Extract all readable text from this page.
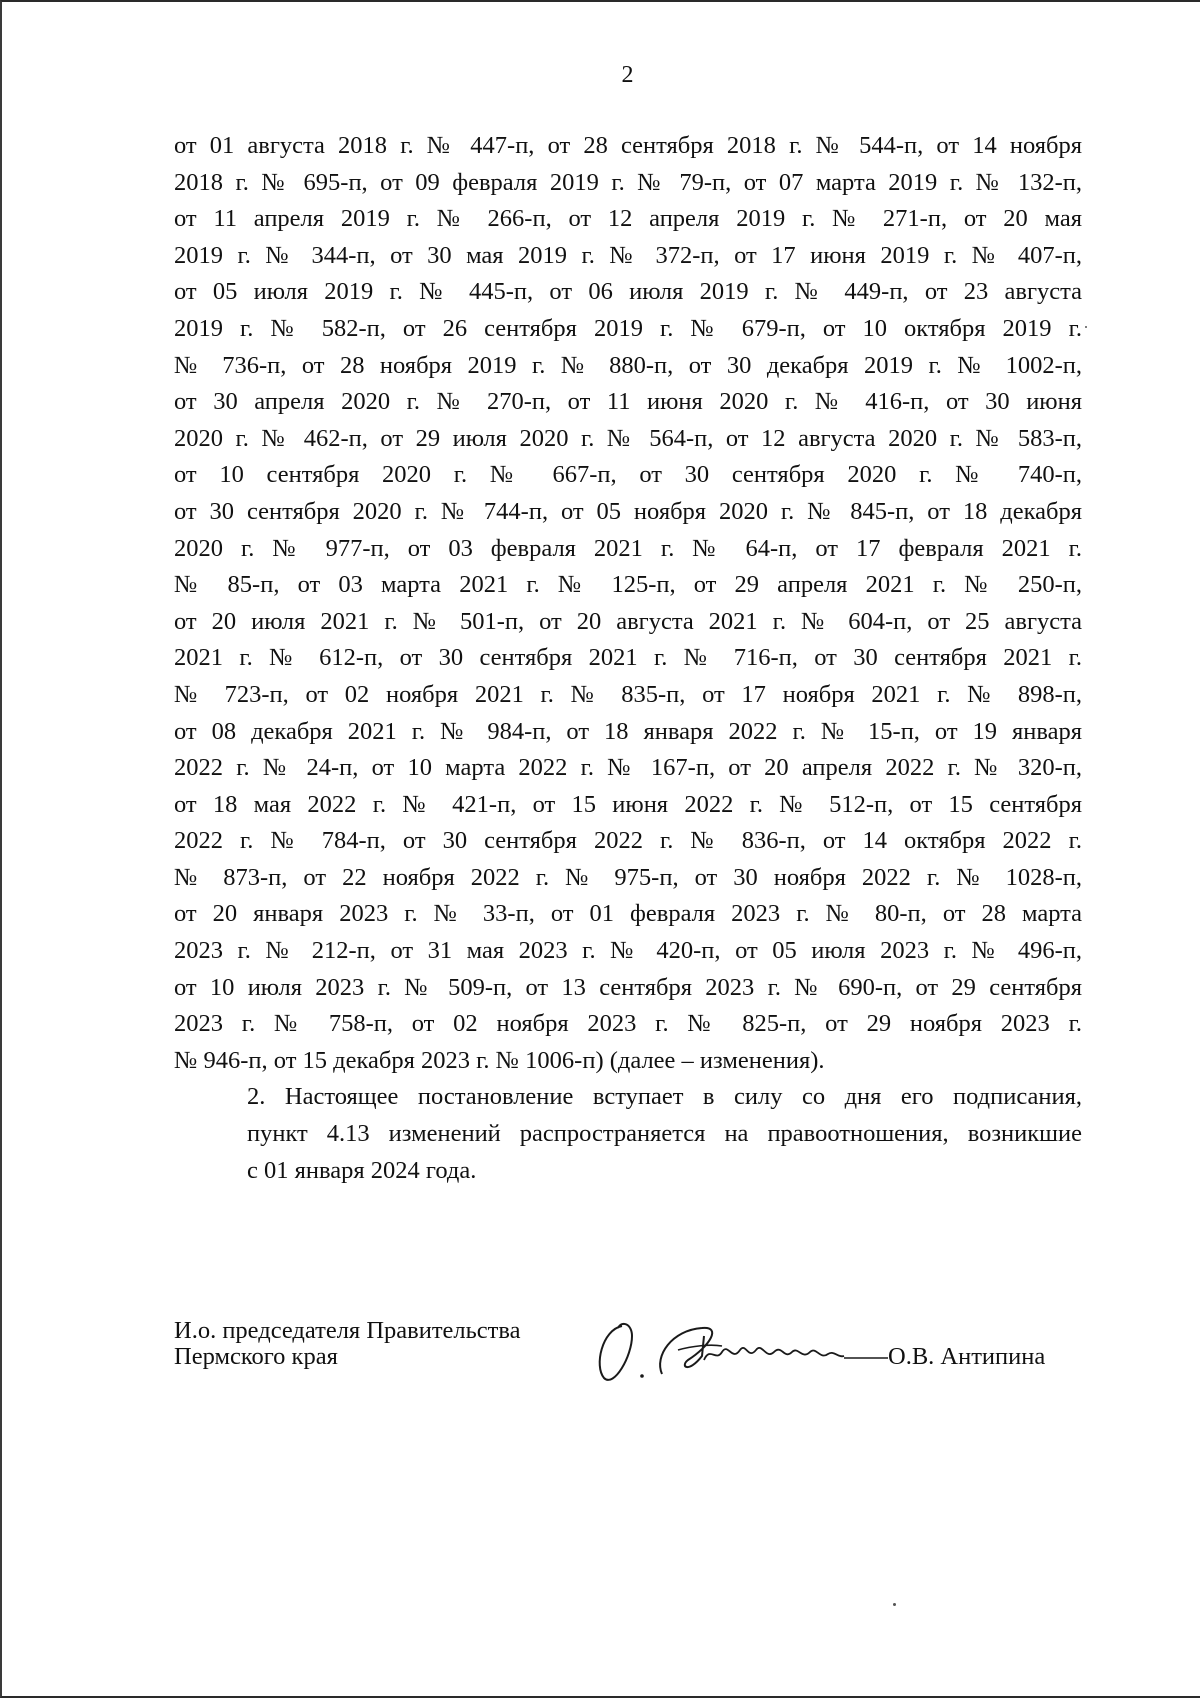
2

от 01 августа 2018 г. № 447-п, от 28 сентября 2018 г. № 544-п, от 14 ноября
2018 г. № 695-п, от 09 февраля 2019 г. № 79-п, от 07 марта 2019 г. № 132-п,
от 11 апреля 2019 г. № 266-п, от 12 апреля 2019 г. № 271-п, от 20 мая
2019 г. № 344-п, от 30 мая 2019 г. № 372-п, от 17 июня 2019 г. № 407-п,
от 05 июля 2019 г. № 445-п, от 06 июля 2019 г. № 449-п, от 23 августа
2019 г. № 582-п, от 26 сентября 2019 г. № 679-п, от 10 октября 2019 г.
№ 736-п, от 28 ноября 2019 г. № 880-п, от 30 декабря 2019 г. № 1002-п,
от 30 апреля 2020 г. № 270-п, от 11 июня 2020 г. № 416-п, от 30 июня
2020 г. № 462-п, от 29 июля 2020 г. № 564-п, от 12 августа 2020 г. № 583-п,
от 10 сентября 2020 г. № 667-п, от 30 сентября 2020 г. № 740-п,
от 30 сентября 2020 г. № 744-п, от 05 ноября 2020 г. № 845-п, от 18 декабря
2020 г. № 977-п, от 03 февраля 2021 г. № 64-п, от 17 февраля 2021 г.
№ 85-п, от 03 марта 2021 г. № 125-п, от 29 апреля 2021 г. № 250-п,
от 20 июля 2021 г. № 501-п, от 20 августа 2021 г. № 604-п, от 25 августа
2021 г. № 612-п, от 30 сентября 2021 г. № 716-п, от 30 сентября 2021 г.
№ 723-п, от 02 ноября 2021 г. № 835-п, от 17 ноября 2021 г. № 898-п,
от 08 декабря 2021 г. № 984-п, от 18 января 2022 г. № 15-п, от 19 января
2022 г. № 24-п, от 10 марта 2022 г. № 167-п, от 20 апреля 2022 г. № 320-п,
от 18 мая 2022 г. № 421-п, от 15 июня 2022 г. № 512-п, от 15 сентября
2022 г. № 784-п, от 30 сентября 2022 г. № 836-п, от 14 октября 2022 г.
№ 873-п, от 22 ноября 2022 г. № 975-п, от 30 ноября 2022 г. № 1028-п,
от 20 января 2023 г. № 33-п, от 01 февраля 2023 г. № 80-п, от 28 марта
2023 г. № 212-п, от 31 мая 2023 г. № 420-п, от 05 июля 2023 г. № 496-п,
от 10 июля 2023 г. № 509-п, от 13 сентября 2023 г. № 690-п, от 29 сентября
2023 г. № 758-п, от 02 ноября 2023 г. № 825-п, от 29 ноября 2023 г.
№ 946-п, от 15 декабря 2023 г. № 1006-п) (далее – изменения).

2. Настоящее постановление вступает в силу со дня его подписания,
пункт 4.13 изменений распространяется на правоотношения, возникшие
с 01 января 2024 года.

И.о. председателя Правительства
Пермского края	О.В. Антипина
